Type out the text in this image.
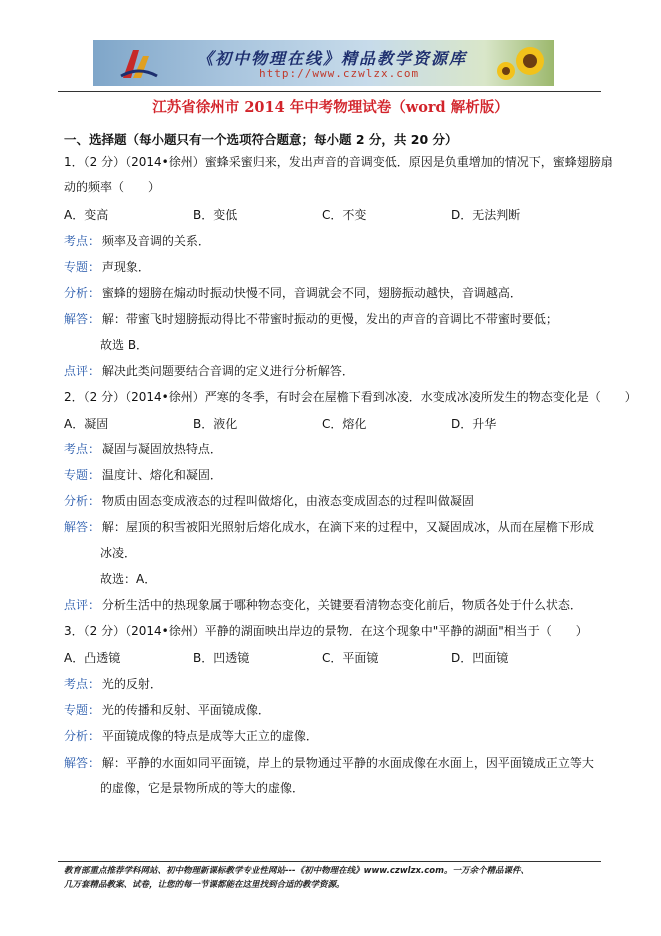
《初中物理在线》精品教学资源库
http://www.czwlzx.com
江苏省徐州市 2014 年中考物理试卷（word 解析版）
一、选择题（每小题只有一个选项符合题意；每小题 2 分，共 20 分）
1．（2 分）（2014•徐州）蜜蜂采蜜归来，发出声音的音调变低．原因是负重增加的情况下，蜜蜂翅膀扇
动的频率（　　）
A．变高	B．变低	C．不变	D．无法判断
考点： 频率及音调的关系．
专题： 声现象．
分析： 蜜蜂的翅膀在煽动时振动快慢不同，音调就会不同，翅膀振动越快，音调越高．
解答： 解：带蜜飞时翅膀振动得比不带蜜时振动的更慢，发出的声音的音调比不带蜜时要低；
故选 B．
点评： 解决此类问题要结合音调的定义进行分析解答．
2．（2 分）（2014•徐州）严寒的冬季，有时会在屋檐下看到冰凌．水变成冰凌所发生的物态变化是（　　）
A．凝固	B．液化	C．熔化	D．升华
考点： 凝固与凝固放热特点．
专题： 温度计、熔化和凝固．
分析： 物质由固态变成液态的过程叫做熔化，由液态变成固态的过程叫做凝固
解答： 解：屋顶的积雪被阳光照射后熔化成水，在滴下来的过程中，又凝固成冰，从而在屋檐下形成
冰凌．
故选：A．
点评： 分析生活中的热现象属于哪种物态变化，关键要看清物态变化前后，物质各处于什么状态．
3．（2 分）（2014•徐州）平静的湖面映出岸边的景物．在这个现象中"平静的湖面"相当于（　　）
A．凸透镜	B．凹透镜	C．平面镜	D．凹面镜
考点： 光的反射．
专题： 光的传播和反射、平面镜成像．
分析： 平面镜成像的特点是成等大正立的虚像．
解答： 解：平静的水面如同平面镜，岸上的景物通过平静的水面成像在水面上，因平面镜成正立等大
的虚像，它是景物所成的等大的虚像．
教育部重点推荐学科网站、初中物理新课标教学专业性网站---《初中物理在线》www.czwlzx.com。一万余个精品课件、
几万套精品教案、试卷，让您的每一节课都能在这里找到合适的教学资源。
